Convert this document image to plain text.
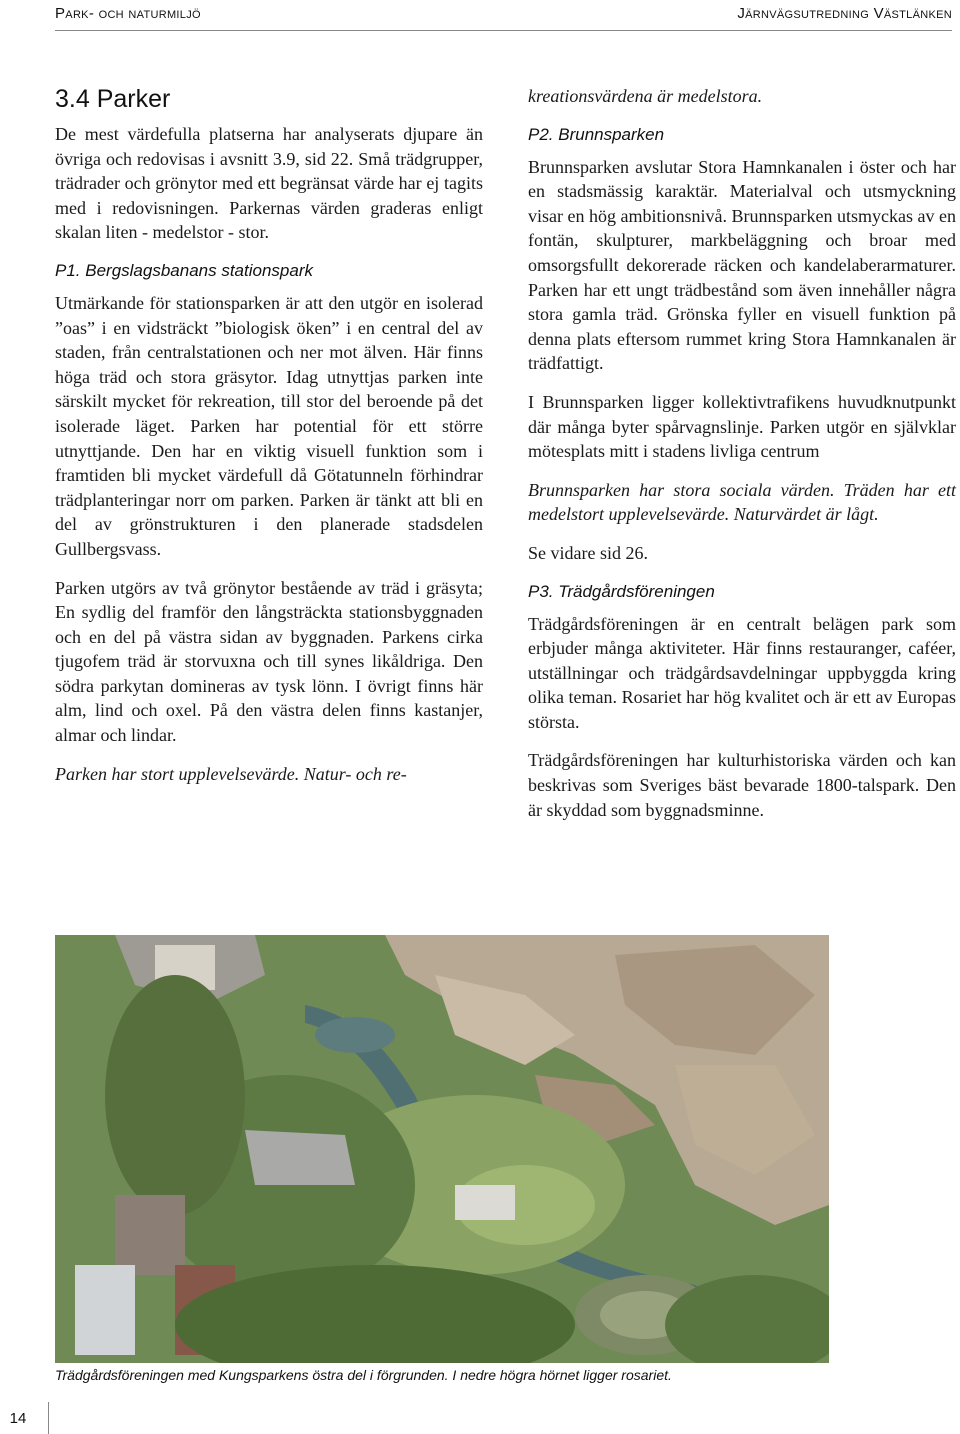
Park- och naturmiljö	Järnvägsutredning Västlänken
3.4 Parker

De mest värdefulla platserna har analyserats djupare än övriga och redovisas i avsnitt 3.9, sid 22. Små trädgrupper, trädrader och grönytor med ett begränsat värde har ej tagits med i redovisningen. Parkernas värden graderas enligt skalan liten - medelstor - stor.

P1. Bergslagsbanans stationspark

Utmärkande för stationsparken är att den utgör en isolerad ”oas” i en vidsträckt ”biologisk öken” i en central del av staden, från centralstationen och ner mot älven. Här finns höga träd och stora gräsytor. Idag utnyttjas parken inte särskilt mycket för rekreation, till stor del beroende på det isolerade läget. Parken har potential för ett större utnyttjande. Den har en viktig visuell funktion som i framtiden bli mycket värdefull då Götatunneln förhindrar trädplanteringar norr om parken. Parken är tänkt att bli en del av grönstrukturen i den planerade stadsdelen Gullbergsvass.

Parken utgörs av två grönytor bestående av träd i gräsyta; En sydlig del framför den långsträckta stationsbyggnaden och en del på västra sidan av byggnaden. Parkens cirka tjugofem träd är storvuxna och till synes likåldriga. Den södra parkytan domineras av tysk lönn. I övrigt finns här alm, lind och oxel. På den västra delen finns kastanjer, almar och lindar.

Parken har stort upplevelsevärde. Natur- och re-

kreationsvärdena är medelstora.

P2. Brunnsparken

Brunnsparken avslutar Stora Hamnkanalen i öster och har en stadsmässig karaktär. Materialval och utsmyckning visar en hög ambitionsnivå. Brunnsparken utsmyckas av en fontän, skulpturer, markbeläggning och broar med omsorgsfullt dekorerade räcken och kandelaberarmaturer. Parken har ett ungt trädbestånd som även innehåller några stora gamla träd. Grönska fyller en visuell funktion på denna plats eftersom rummet kring Stora Hamnkanalen är trädfattigt.

I Brunnsparken ligger kollektivtrafikens huvudknutpunkt där många byter spårvagnslinje. Parken utgör en självklar mötesplats mitt i stadens livliga centrum

Brunnsparken har stora sociala värden. Träden har ett medelstort upplevelsevärde. Naturvärdet är lågt.

Se vidare sid 26.

P3. Trädgårdsföreningen

Trädgårdsföreningen är en centralt belägen park som erbjuder många aktiviteter. Här finns restauranger, caféer, utställningar och trädgårdsavdelningar uppbyggda kring olika teman. Rosariet har hög kvalitet och är ett av Europas största.

Trädgårdsföreningen har kulturhistoriska värden och kan beskrivas som Sveriges bäst bevarade 1800-talspark. Den är skyddad som byggnadsminne.

Trädgårdsföreningen med Kungsparkens östra del i förgrunden. I nedre högra hörnet ligger rosariet.
14
